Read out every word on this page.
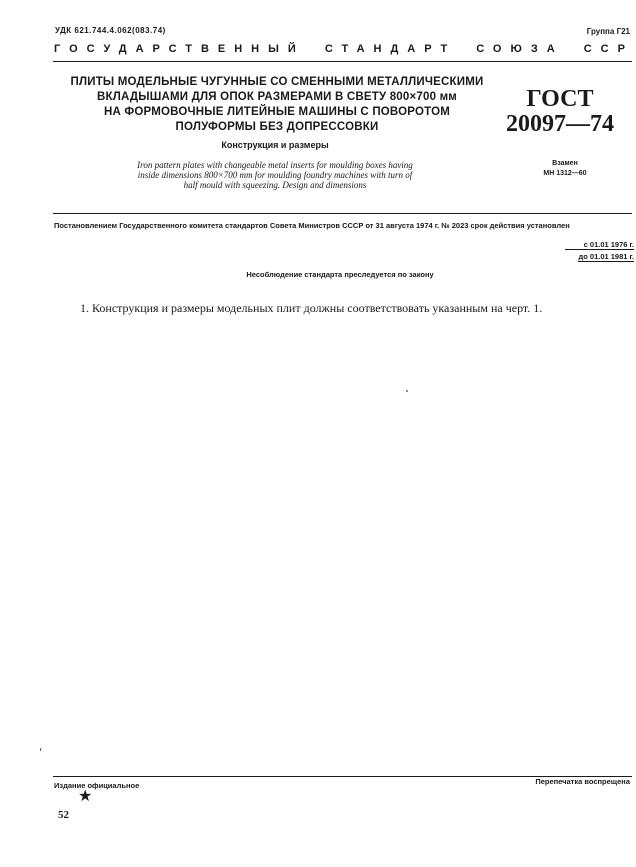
УДК 621.744.4.062(083.74)	Группа Г21
ГОСУДАРСТВЕННЫЙ СТАНДАРТ СОЮЗА ССР
ПЛИТЫ МОДЕЛЬНЫЕ ЧУГУННЫЕ СО СМЕННЫМИ МЕТАЛЛИЧЕСКИМИ
ВКЛАДЫШАМИ ДЛЯ ОПОК РАЗМЕРАМИ В СВЕТУ 800×700 мм
НА ФОРМОВОЧНЫЕ ЛИТЕЙНЫЕ МАШИНЫ С ПОВОРОТОМ
ПОЛУФОРМЫ БЕЗ ДОПРЕССОВКИ
ГОСТ
20097—74
Конструкция и размеры
Iron pattern plates with changeable metal inserts for moulding boxes having
inside dimensions 800×700 mm for moulding foundry machines with turn of
half mould with squeezing. Design and dimensions
Взамен
МН 1312—60
Постановлением Государственного комитета стандартов Совета Министров СССР от 31 августа 1974 г. № 2023 срок действия установлен
с 01.01 1976 г.
до 01.01 1981 г.
Несоблюдение стандарта преследуется по закону
1. Конструкция и размеры модельных плит должны соответствовать указанным на черт. 1.
Издание официальное	Перепечатка воспрещена
★
52
